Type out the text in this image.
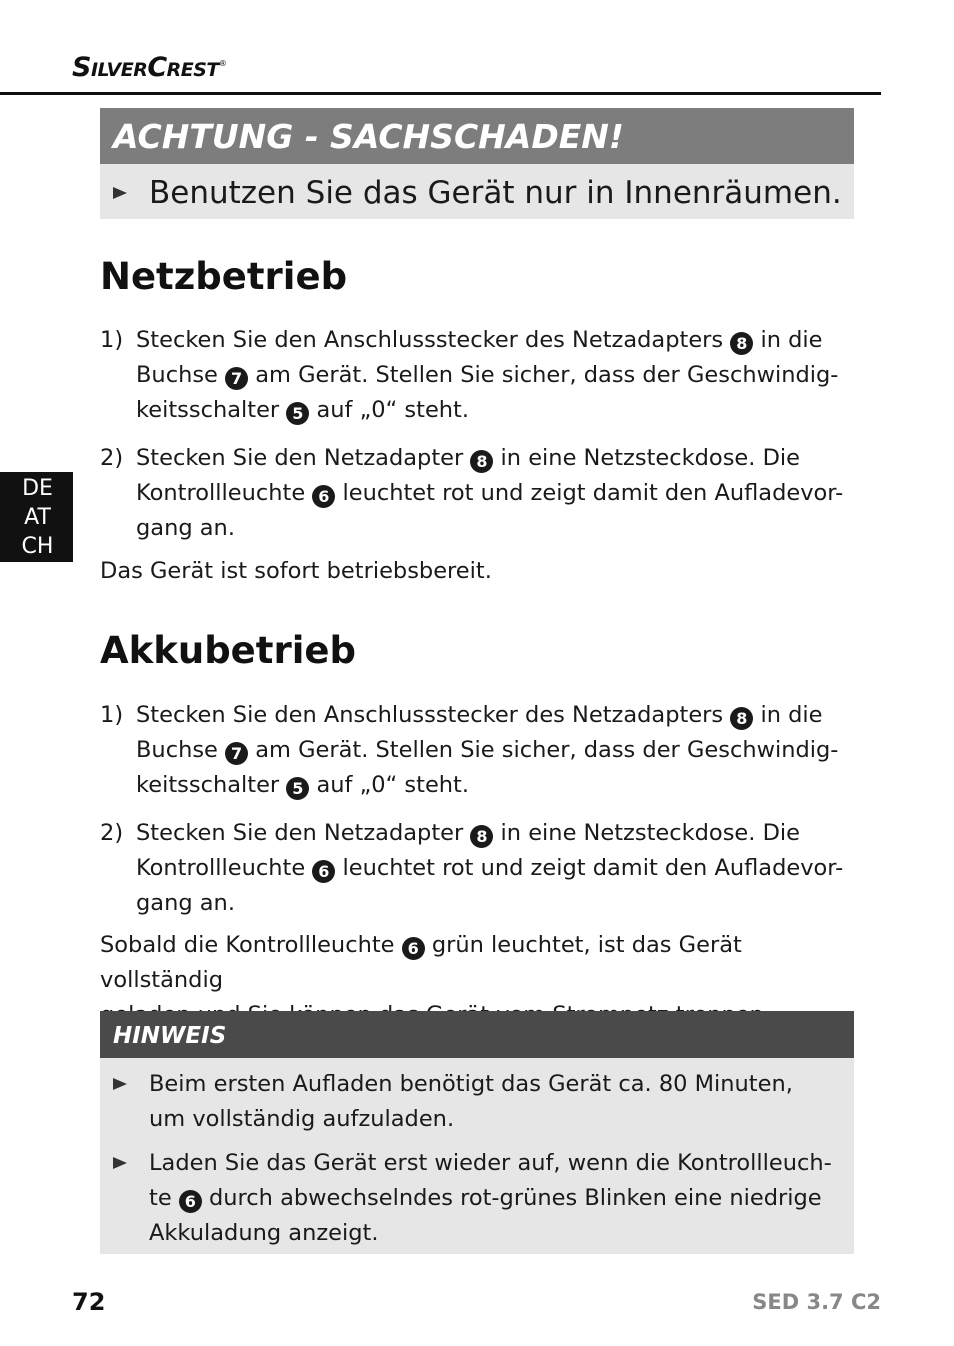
SilverCrest®
ACHTUNG - SACHSCHADEN!
Benutzen Sie das Gerät nur in Innenräumen.
DE
AT
CH
Netzbetrieb
1) Stecken Sie den Anschlussstecker des Netzadapters 8 in die
Buchse 7 am Gerät. Stellen Sie sicher, dass der Geschwindig-
keitsschalter 5 auf „0“ steht.
2) Stecken Sie den Netzadapter 8 in eine Netzsteckdose. Die
Kontrollleuchte 6 leuchtet rot und zeigt damit den Aufladevor-
gang an.
Das Gerät ist sofort betriebsbereit.
Akkubetrieb
1) Stecken Sie den Anschlussstecker des Netzadapters 8 in die
Buchse 7 am Gerät. Stellen Sie sicher, dass der Geschwindig-
keitsschalter 5 auf „0“ steht.
2) Stecken Sie den Netzadapter 8 in eine Netzsteckdose. Die
Kontrollleuchte 6 leuchtet rot und zeigt damit den Aufladevor-
gang an.
Sobald die Kontrollleuchte 6 grün leuchtet, ist das Gerät vollständig

HINWEIS
Beim ersten Aufladen benötigt das Gerät ca. 80 Minuten,
um vollständig aufzuladen.
Laden Sie das Gerät erst wieder auf, wenn die Kontrollleuch-
te 6 durch abwechselndes rot-grünes Blinken eine niedrige
Akkuladung anzeigt.
72	SED 3.7 C2
